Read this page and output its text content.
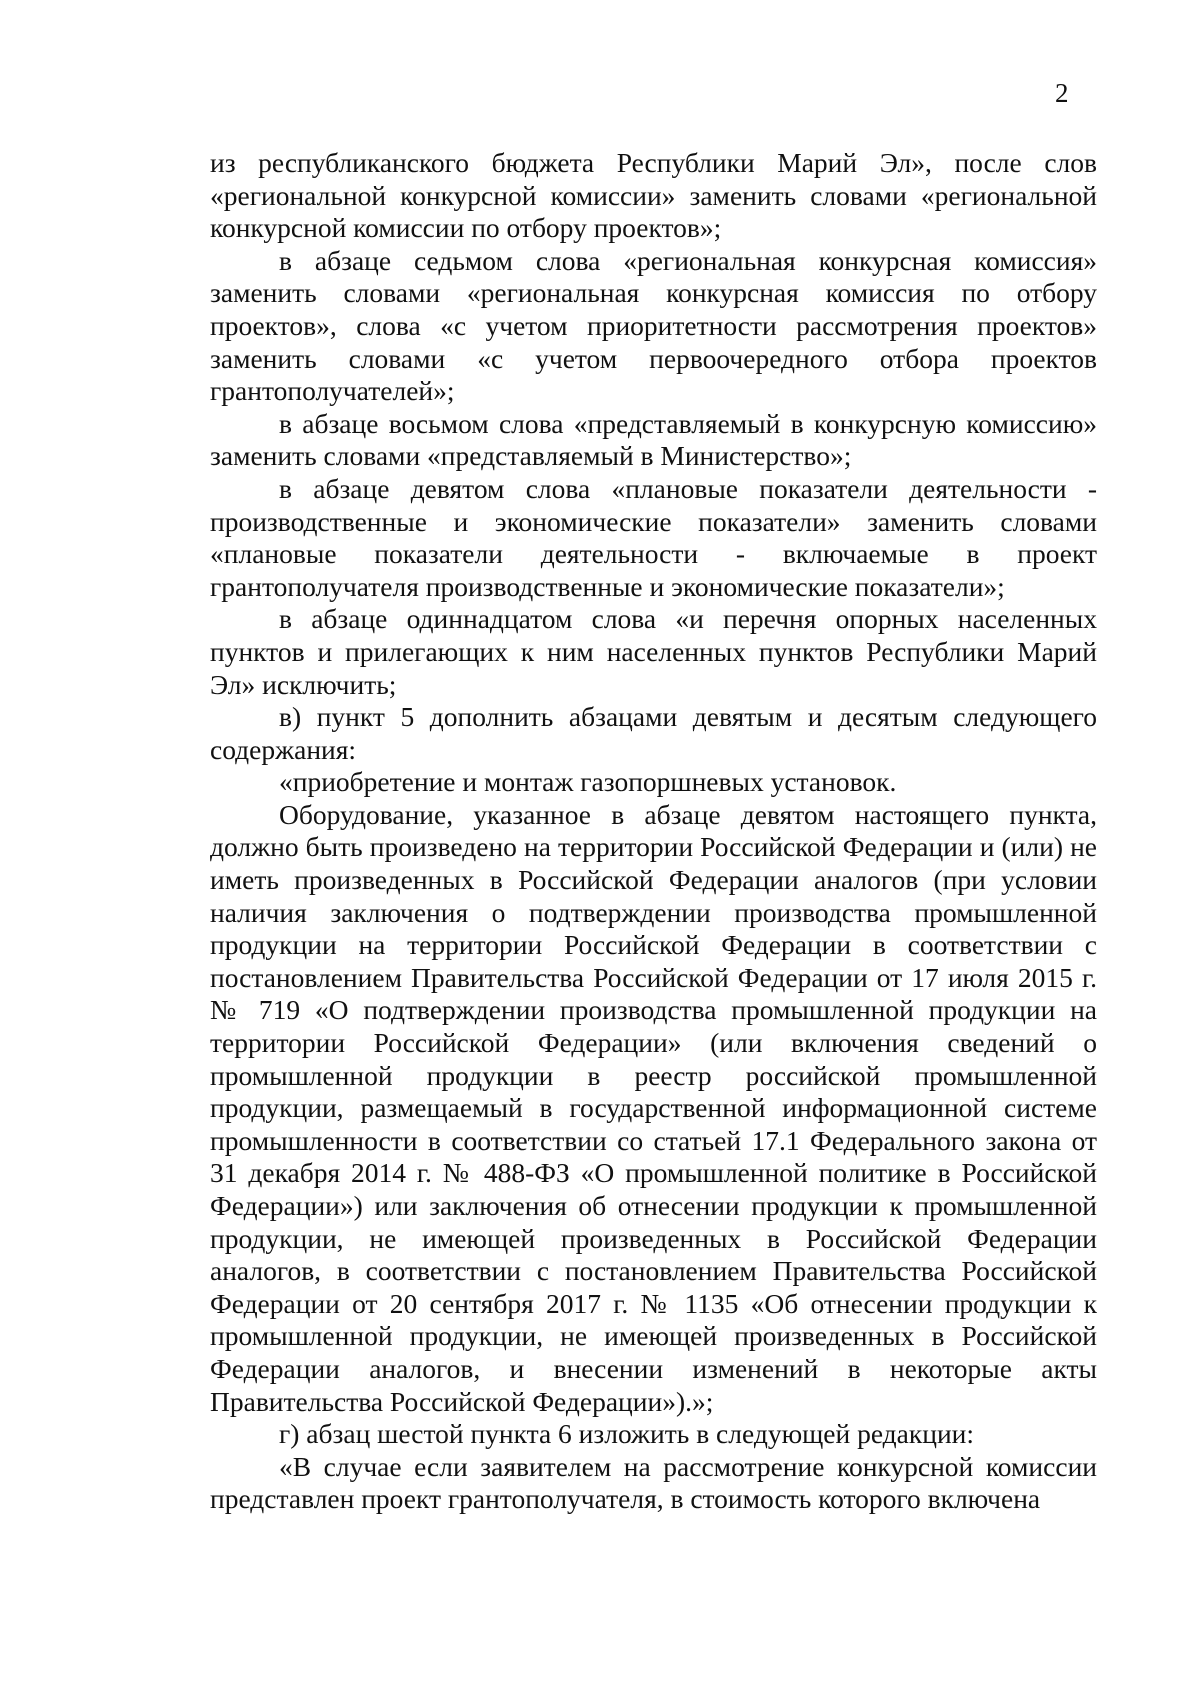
2

из республиканского бюджета Республики Марий Эл», после слов «региональной конкурсной комиссии» заменить словами «региональной конкурсной комиссии по отбору проектов»;

в абзаце седьмом слова «региональная конкурсная комиссия» заменить словами «региональная конкурсная комиссия по отбору проектов», слова «с учетом приоритетности рассмотрения проектов» заменить словами «с учетом первоочередного отбора проектов грантополучателей»;

в абзаце восьмом слова «представляемый в конкурсную комиссию» заменить словами «представляемый в Министерство»;

в абзаце девятом слова «плановые показатели деятельности - производственные и экономические показатели» заменить словами «плановые показатели деятельности - включаемые в проект грантополучателя производственные и экономические показатели»;

в абзаце одиннадцатом слова «и перечня опорных населенных пунктов и прилегающих к ним населенных пунктов Республики Марий Эл» исключить;

в) пункт 5 дополнить абзацами девятым и десятым следующего содержания:

«приобретение и монтаж газопоршневых установок.

Оборудование, указанное в абзаце девятом настоящего пункта, должно быть произведено на территории Российской Федерации и (или) не иметь произведенных в Российской Федерации аналогов (при условии наличия заключения о подтверждении производства промышленной продукции на территории Российской Федерации в соответствии с постановлением Правительства Российской Федерации от 17 июля 2015 г. № 719 «О подтверждении производства промышленной продукции на территории Российской Федерации» (или включения сведений о промышленной продукции в реестр российской промышленной продукции, размещаемый в государственной информационной системе промышленности в соответствии со статьей 17.1 Федерального закона от 31 декабря 2014 г. № 488-ФЗ «О промышленной политике в Российской Федерации») или заключения об отнесении продукции к промышленной продукции, не имеющей произведенных в Российской Федерации аналогов, в соответствии с постановлением Правительства Российской Федерации от 20 сентября 2017 г. № 1135 «Об отнесении продукции к промышленной продукции, не имеющей произведенных в Российской Федерации аналогов, и внесении изменений в некоторые акты Правительства Российской Федерации»).»;

г) абзац шестой пункта 6 изложить в следующей редакции:

«В случае если заявителем на рассмотрение конкурсной комиссии представлен проект грантополучателя, в стоимость которого включена
